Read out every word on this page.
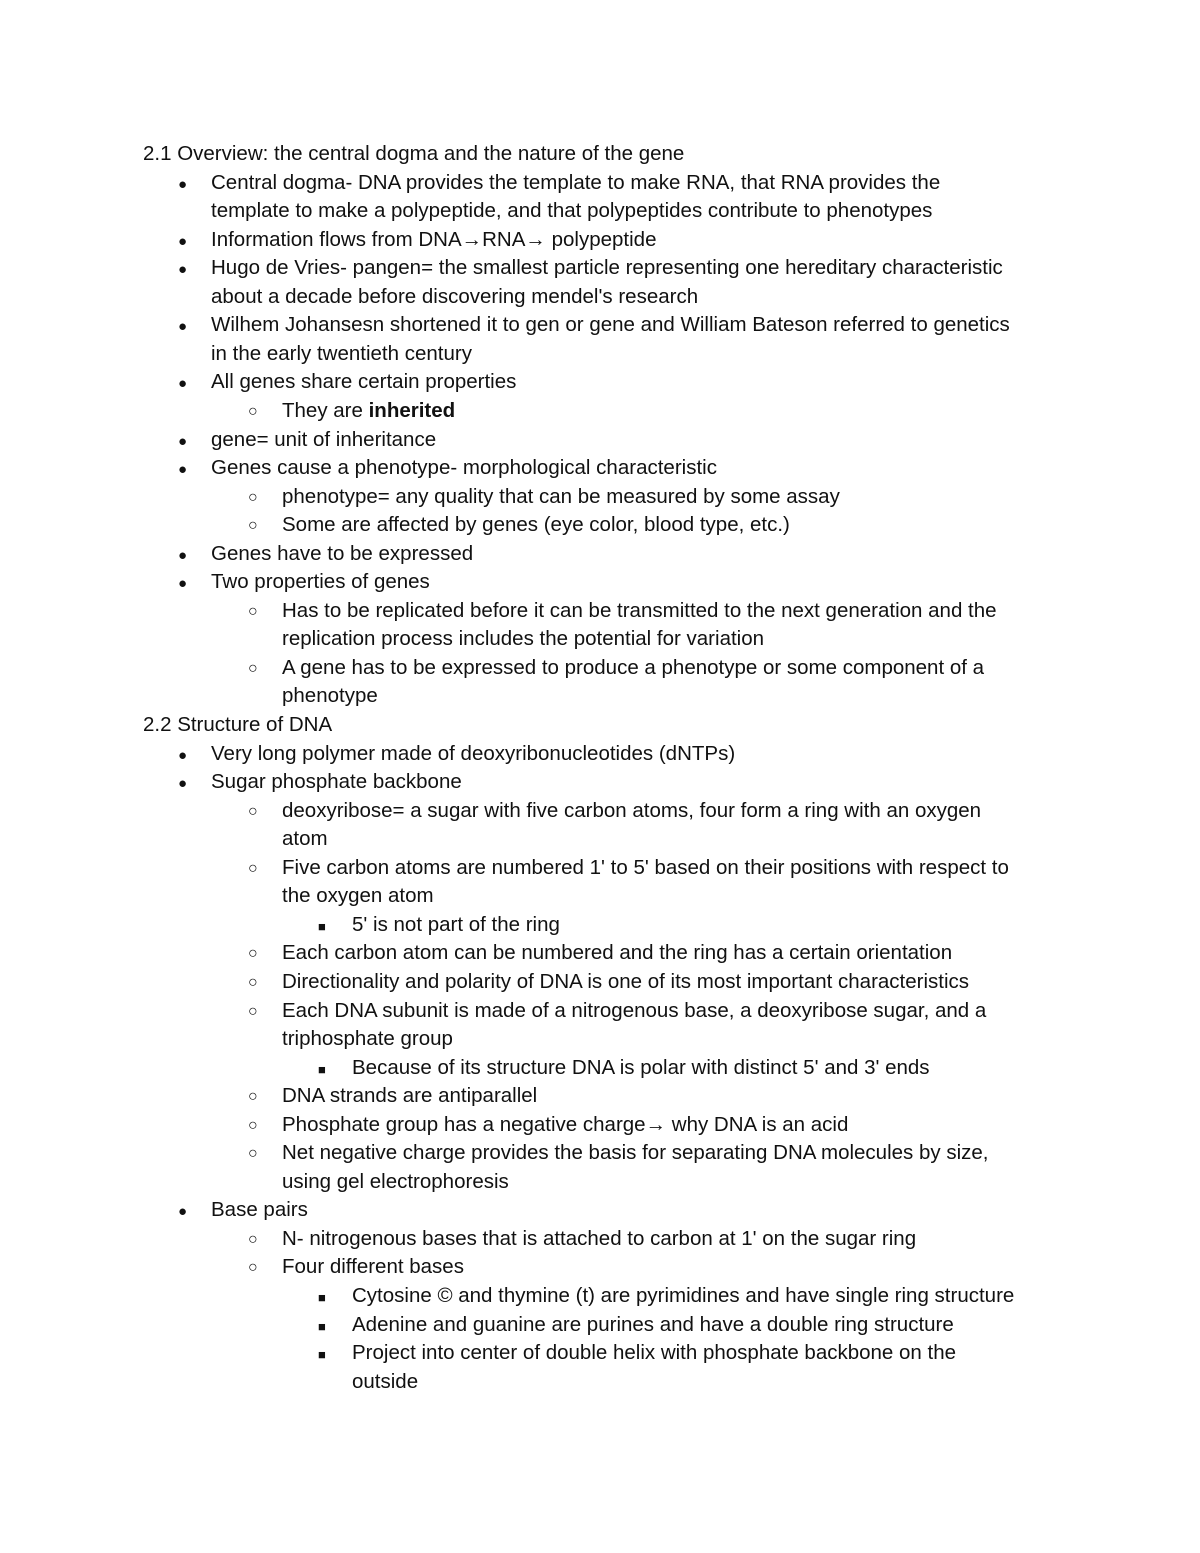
2.1 Overview: the central dogma and the nature of the gene
● Central dogma- DNA provides the template to make RNA, that RNA provides the
template to make a polypeptide, and that polypeptides contribute to phenotypes
● Information flows from DNA→RNA→ polypeptide
● Hugo de Vries- pangen= the smallest particle representing one hereditary characteristic
about a decade before discovering mendel's research
● Wilhem Johansesn shortened it to gen or gene and William Bateson referred to genetics
in the early twentieth century
● All genes share certain properties
○ They are inherited
● gene= unit of inheritance
● Genes cause a phenotype- morphological characteristic
○ phenotype= any quality that can be measured by some assay
○ Some are affected by genes (eye color, blood type, etc.)
● Genes have to be expressed
● Two properties of genes
○ Has to be replicated before it can be transmitted to the next generation and the
replication process includes the potential for variation
○ A gene has to be expressed to produce a phenotype or some component of a
phenotype
2.2 Structure of DNA
● Very long polymer made of deoxyribonucleotides (dNTPs)
● Sugar phosphate backbone
○ deoxyribose= a sugar with five carbon atoms, four form a ring with an oxygen
atom
○ Five carbon atoms are numbered 1' to 5' based on their positions with respect to
the oxygen atom
■ 5' is not part of the ring
○ Each carbon atom can be numbered and the ring has a certain orientation
○ Directionality and polarity of DNA is one of its most important characteristics
○ Each DNA subunit is made of a nitrogenous base, a deoxyribose sugar, and a
triphosphate group
■ Because of its structure DNA is polar with distinct 5' and 3' ends
○ DNA strands are antiparallel
○ Phosphate group has a negative charge→ why DNA is an acid
○ Net negative charge provides the basis for separating DNA molecules by size,
using gel electrophoresis
● Base pairs
○ N- nitrogenous bases that is attached to carbon at 1' on the sugar ring
○ Four different bases
■ Cytosine © and thymine (t) are pyrimidines and have single ring structure
■ Adenine and guanine are purines and have a double ring structure
■ Project into center of double helix with phosphate backbone on the
outside
